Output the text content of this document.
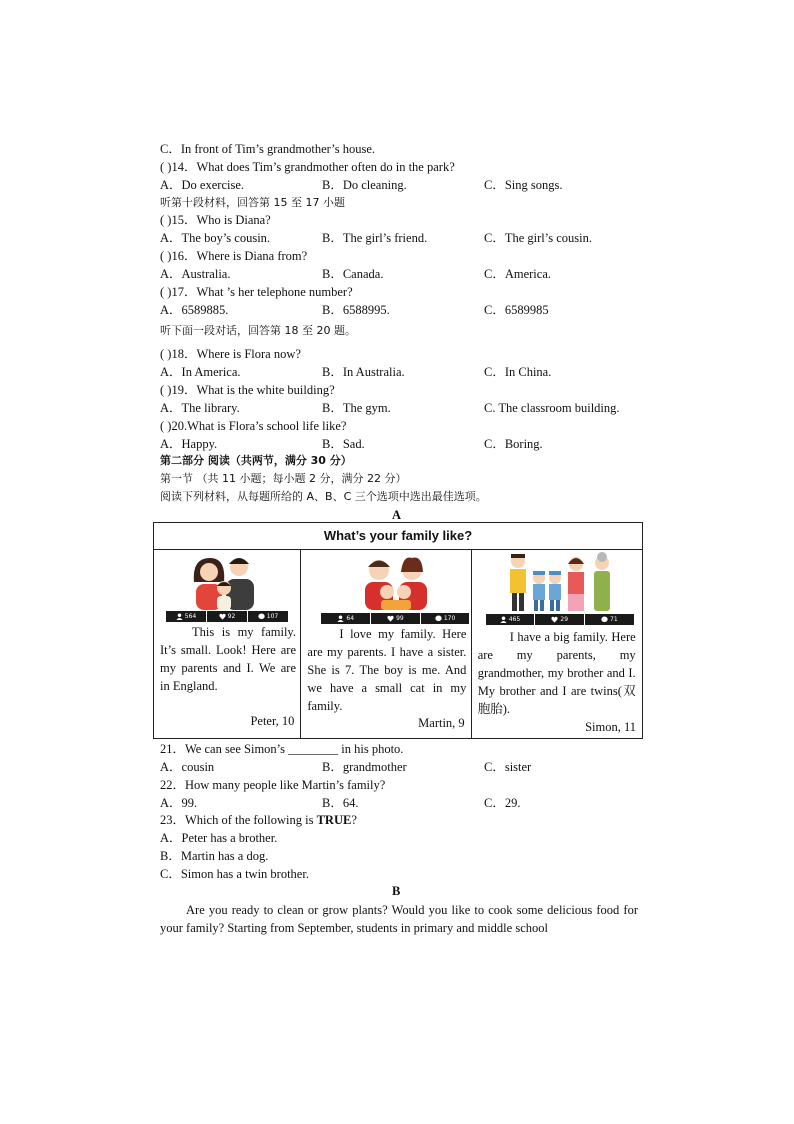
C．In front of Tim’s grandmother’s house.
( )14．What does Tim’s grandmother often do in the park?
A．Do exercise.	B．Do cleaning.	C．Sing songs.
听第十段材料，回答第 15 至 17 小题
( )15．Who is Diana?
A．The boy’s cousin.	B．The girl’s friend.	C．The girl’s cousin.
( )16．Where is Diana from?
A．Australia.	B．Canada.	C．America.
( )17．What ’s her telephone number?
A．6589885.	B．6588995.	C．6589985
听下面一段对话，回答第 18 至 20 题。
( )18．Where is Flora now?
A．In America.	B．In Australia.	C．In China.
( )19．What is the white building?
A．The library.	B．The gym.	C. The classroom building.
( )20.What is Flora’s school life like?
A．Happy.	B．Sad.	C．Boring.
第二部分 阅读（共两节，满分 30 分）
第一节 （共 11 小题；每小题 2 分，满分 22 分）
阅读下列材料，从每题所给的 A、B、C 三个选项中选出最佳选项。
A
What’s your family like?

564	92	107
This is my family. It’s small. Look! Here are my parents and I. We are in England.
Peter, 10

64	99	170
I love my family. Here are my parents. I have a sister. She is 7. The boy is me. And we have a small cat in my family.
Martin, 9

465	29	71
I have a big family. Here are my parents, my grandmother, my brother and I. My brother and I are twins(双胞胎).
Simon, 11
21．We can see Simon’s ________ in his photo.
A．cousin	B．grandmother	C．sister
22．How many people like Martin’s family?
A．99.	B．64.	C．29.
23．Which of the following is TRUE?
A．Peter has a brother.
B．Martin has a dog.
C．Simon has a twin brother.
B
Are you ready to clean or grow plants? Would you like to cook some delicious food for your family? Starting from September, students in primary and middle school
